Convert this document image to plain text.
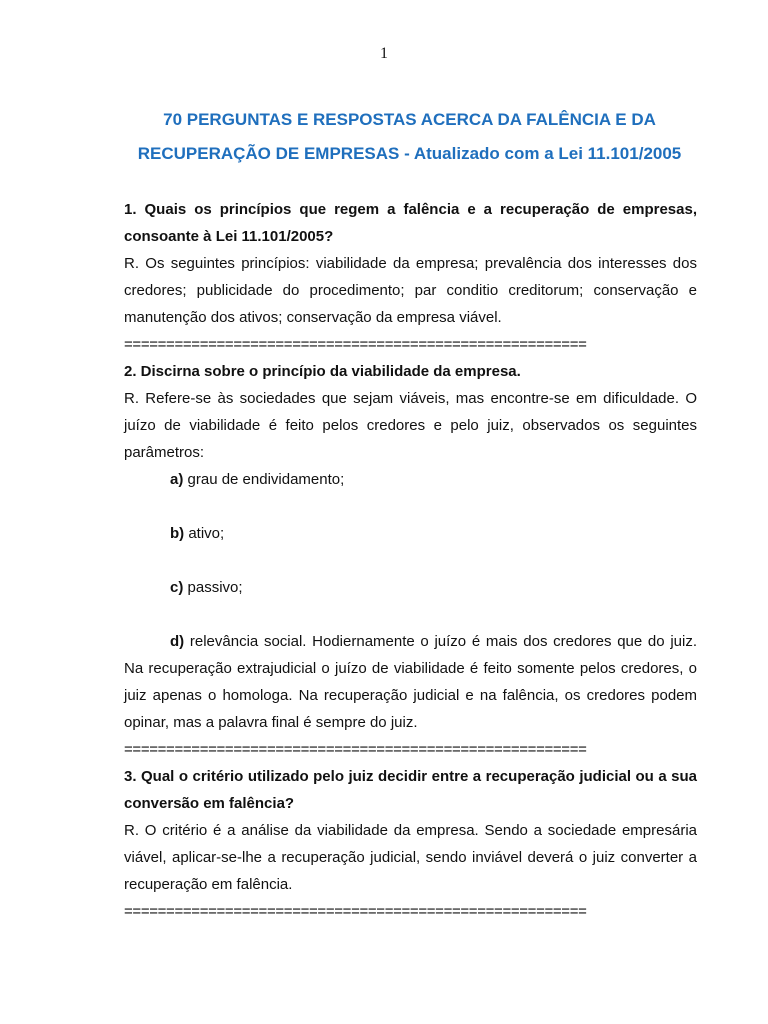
1
70 PERGUNTAS E RESPOSTAS ACERCA DA FALÊNCIA E DA
RECUPERAÇÃO DE EMPRESAS - Atualizado com a Lei 11.101/2005

1. Quais os princípios que regem a falência e a recuperação de empresas, consoante à Lei 11.101/2005?

R. Os seguintes princípios: viabilidade da empresa; prevalência dos interesses dos credores; publicidade do procedimento; par conditio creditorum; conservação e manutenção dos ativos; conservação da empresa viável.

=======================================================

2. Discirna sobre o princípio da viabilidade da empresa.

R. Refere-se às sociedades que sejam viáveis, mas encontre-se em dificuldade. O juízo de viabilidade é feito pelos credores e pelo juiz, observados os seguintes parâmetros:

a) grau de endividamento;

b) ativo;

c) passivo;

d) relevância social. Hodiernamente o juízo é mais dos credores que do juiz. Na recuperação extrajudicial o juízo de viabilidade é feito somente pelos credores, o juiz apenas o homologa. Na recuperação judicial e na falência, os credores podem opinar, mas a palavra final é sempre do juiz.

=======================================================

3. Qual o critério utilizado pelo juiz decidir entre a recuperação judicial ou a sua conversão em falência?

R. O critério é a análise da viabilidade da empresa. Sendo a sociedade empresária viável, aplicar-se-lhe a recuperação judicial, sendo inviável deverá o juiz converter a recuperação em falência.

=======================================================
